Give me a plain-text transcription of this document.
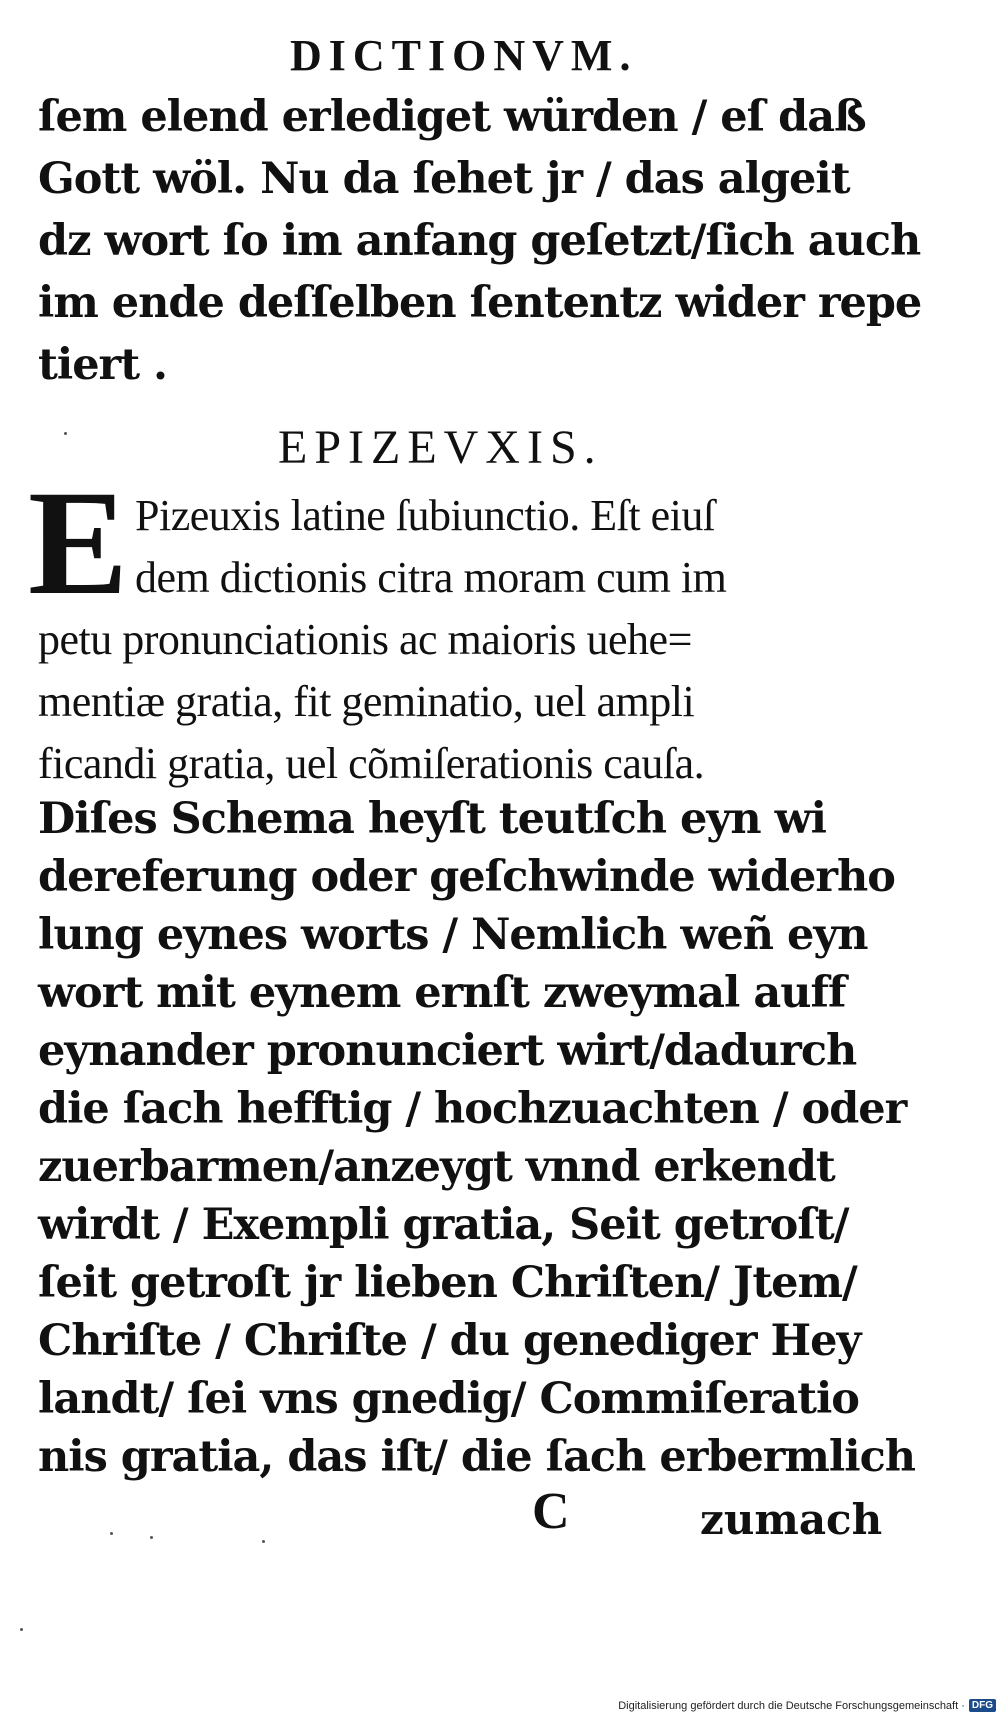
DICTIONVM.
ſem elend erlediget würden / eſ daß
Gott wöl. Nu da ſehet jr / das algeit
dz wort ſo im anfang geſetzt/ſich auch
im ende deſſelben ſententz wider repe
tiert .
EPIZEVXIS.
E Pizeuxis latine ſubiunctio. Eſt eiuſ
dem dictionis citra moram cum im
petu pronunciationis ac maioris uehe=
mentiæ gratia, fit geminatio, uel ampli
ficandi gratia, uel cõmiſerationis cauſa.
Diſes Schema heyſt teutſch eyn wi
dereferung oder geſchwinde widerho
lung eynes worts / Nemlich weñ eyn
wort mit eynem ernſt zweymal auff
eynander pronunciert wirt/dadurch
die ſach hefftig / hochzuachten / oder
zuerbarmen/anzeygt vnnd erkendt
wirdt / Exempli gratia, Seit getroſt/
ſeit getroſt jr lieben Chriſten/ Jtem/
Chriſte / Chriſte / du genediger Hey
landt/ ſei vns gnedig/ Commiſeratio
nis gratia, das iſt/ die ſach erbermlich
C	zumach
Digitalisierung gefördert durch die Deutsche Forschungsgemeinschaft · DFG
